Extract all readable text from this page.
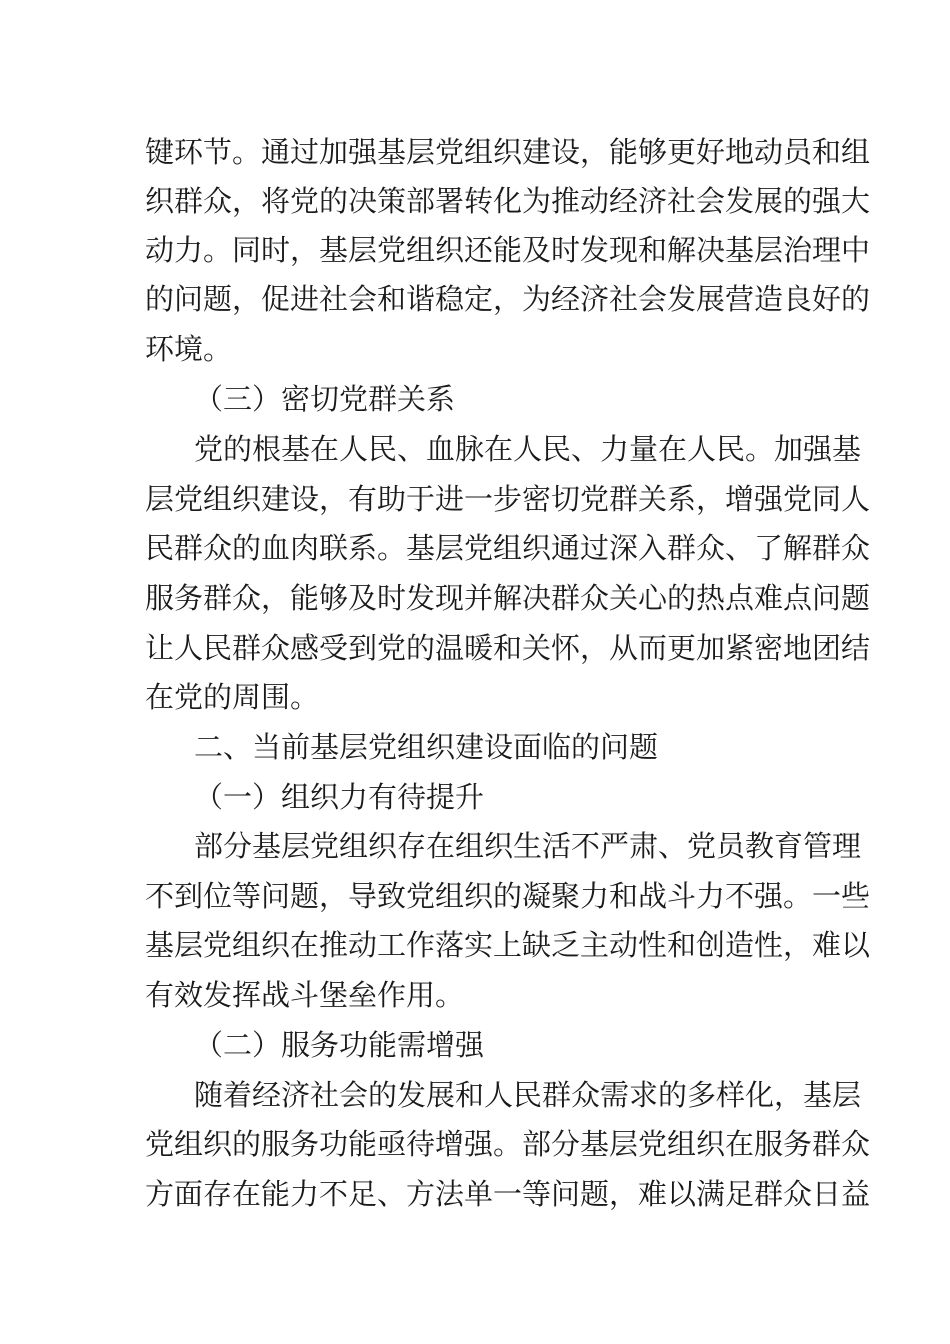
键环节。通过加强基层党组织建设，能够更好地动员和组
织群众，将党的决策部署转化为推动经济社会发展的强大
动力。同时，基层党组织还能及时发现和解决基层治理中
的问题，促进社会和谐稳定，为经济社会发展营造良好的
环境。
（三）密切党群关系
党的根基在人民、血脉在人民、力量在人民。加强基
层党组织建设，有助于进一步密切党群关系，增强党同人
民群众的血肉联系。基层党组织通过深入群众、了解群众
服务群众，能够及时发现并解决群众关心的热点难点问题
让人民群众感受到党的温暖和关怀，从而更加紧密地团结
在党的周围。
二、当前基层党组织建设面临的问题
（一）组织力有待提升
部分基层党组织存在组织生活不严肃、党员教育管理
不到位等问题，导致党组织的凝聚力和战斗力不强。一些
基层党组织在推动工作落实上缺乏主动性和创造性，难以
有效发挥战斗堡垒作用。
（二）服务功能需增强
随着经济社会的发展和人民群众需求的多样化，基层
党组织的服务功能亟待增强。部分基层党组织在服务群众
方面存在能力不足、方法单一等问题，难以满足群众日益
